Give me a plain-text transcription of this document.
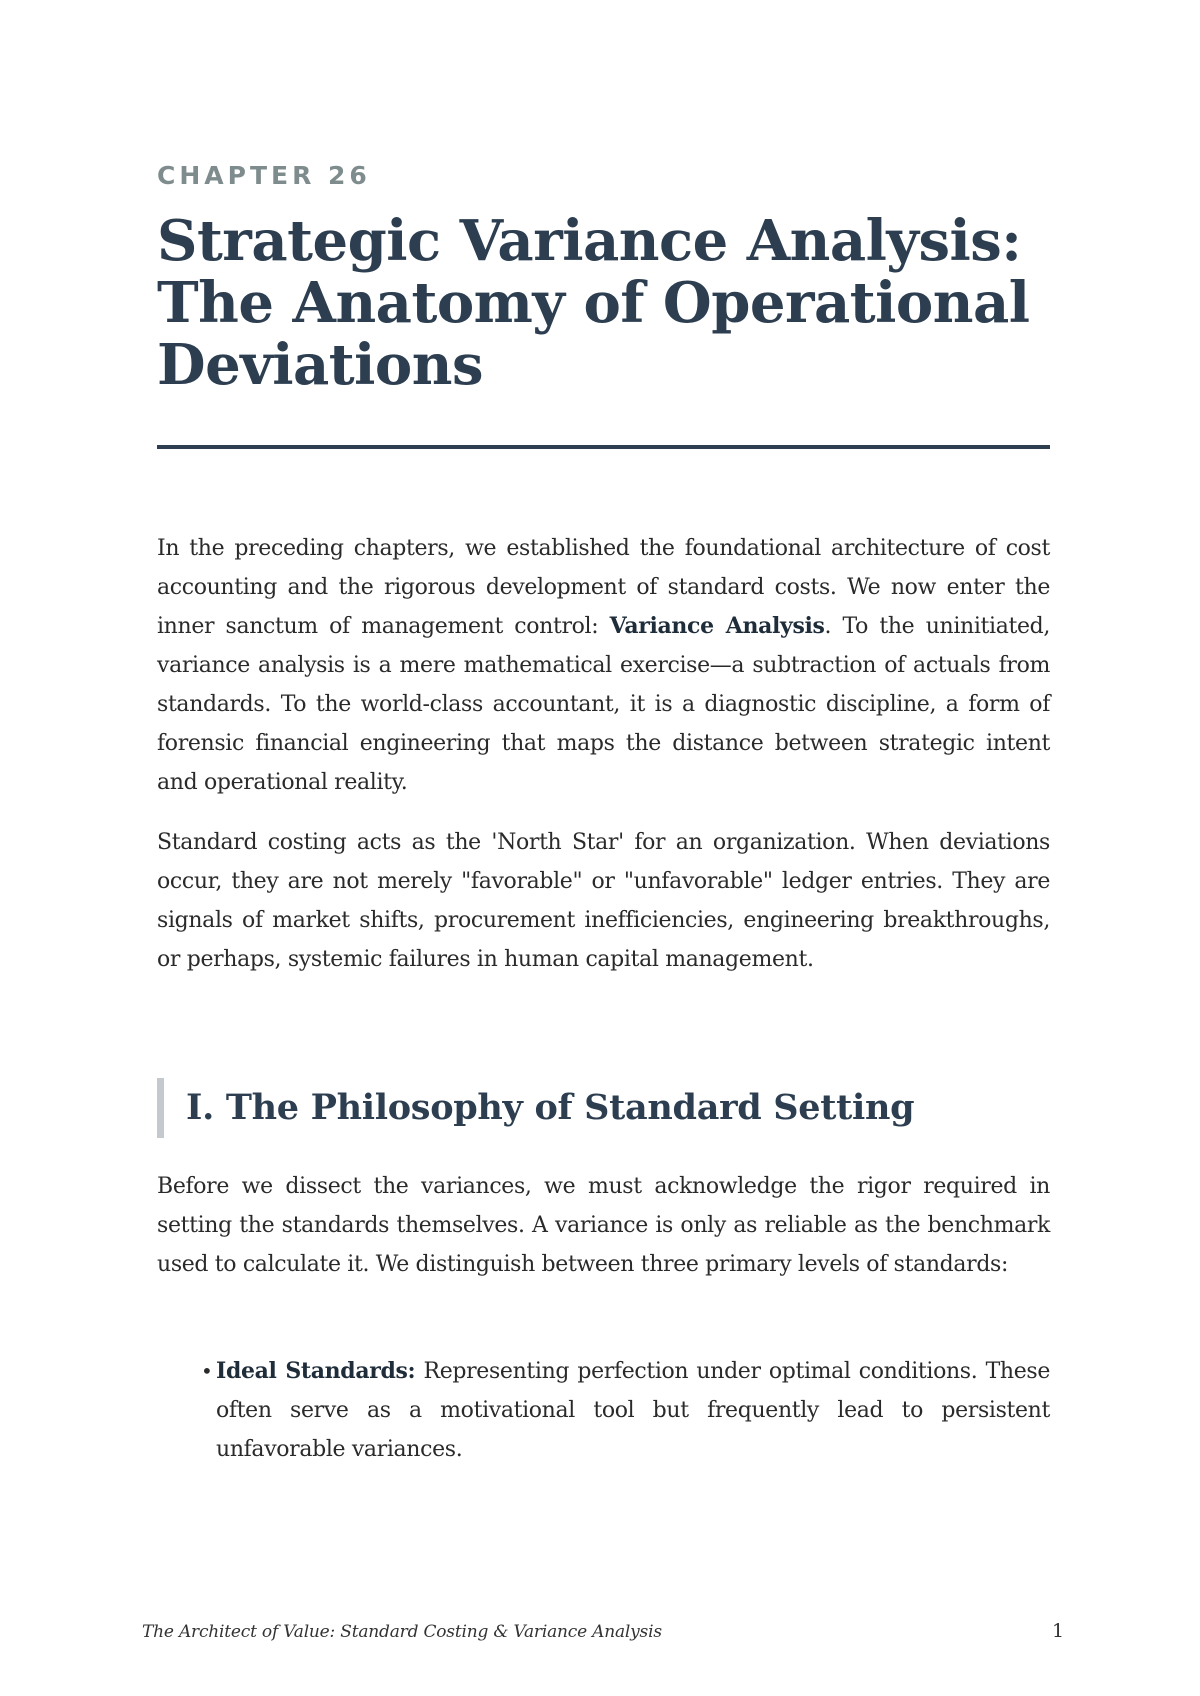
CHAPTER 26
Strategic Variance Analysis:
The Anatomy of Operational
Deviations

In the preceding chapters, we established the foundational architecture of cost accounting and the rigorous development of standard costs. We now enter the inner sanctum of management control: Variance Analysis. To the uninitiated, variance analysis is a mere mathematical exercise—a subtraction of actuals from standards. To the world-class accountant, it is a diagnostic discipline, a form of forensic financial engineering that maps the distance between strategic intent and operational reality.

Standard costing acts as the 'North Star' for an organization. When deviations occur, they are not merely "favorable" or "unfavorable" ledger entries. They are signals of market shifts, procurement inefficiencies, engineering breakthroughs, or perhaps, systemic failures in human capital management.

I. The Philosophy of Standard Setting

Before we dissect the variances, we must acknowledge the rigor required in setting the standards themselves. A variance is only as reliable as the benchmark used to calculate it. We distinguish between three primary levels of standards:

• Ideal Standards: Representing perfection under optimal conditions. These often serve as a motivational tool but frequently lead to persistent unfavorable variances.
The Architect of Value: Standard Costing & Variance Analysis	1
